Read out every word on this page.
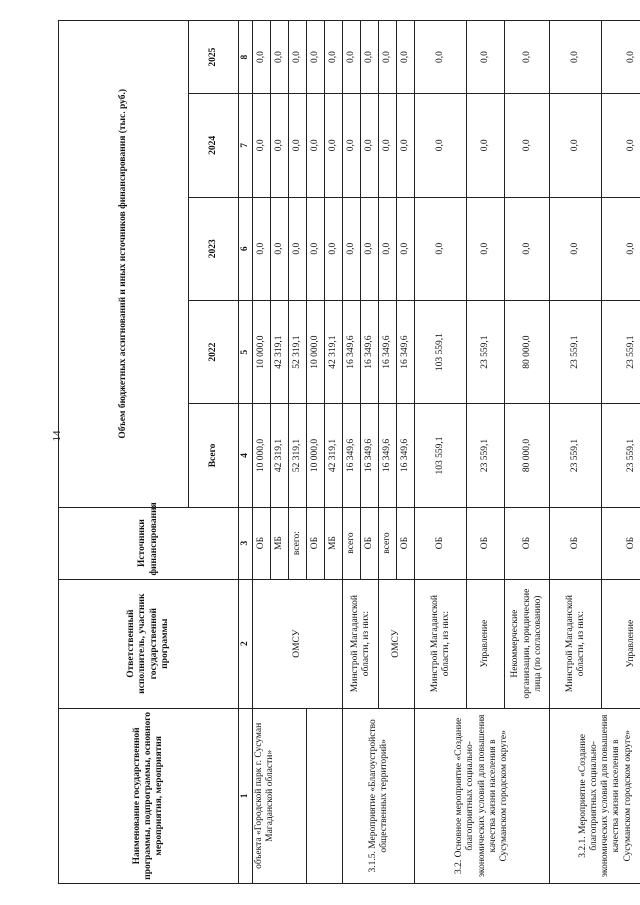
14
Наименование государственной программы, подпрограммы, основного мероприятия, мероприятия	Ответственный исполнитель, участник государственной программы	Источники финансирования	Объем бюджетных ассигнований и иных источников финансирования (тыс. руб.)				
			Всего	2022	2023	2024	2025
1	2	3	4	5	6	7	8
объекта «Городской парк г. Сусуман Магаданской области»	ОМСУ	ОБ	10 000,0	10 000,0	0,0	0,0	0,0
		МБ	42 319,1	42 319,1	0,0	0,0	0,0
		всего:	52 319,1	52 319,1	0,0	0,0	0,0
		ОБ	10 000,0	10 000,0	0,0	0,0	0,0
		МБ	42 319,1	42 319,1	0,0	0,0	0,0
3.1.5. Мероприятие «Благоустройство общественных территорий»	Минстрой Магаданской области, из них:	всего	16 349,6	16 349,6	0,0	0,0	0,0
		ОБ	16 349,6	16 349,6	0,0	0,0	0,0
	ОМСУ	всего	16 349,6	16 349,6	0,0	0,0	0,0
		ОБ	16 349,6	16 349,6	0,0	0,0	0,0
3.2. Основное мероприятие «Создание благоприятных социально-экономических условий для повышения качества жизни населения в Сусуманском городском округе»	Минстрой Магаданской области, из них:	ОБ	103 559,1	103 559,1	0,0	0,0	0,0
	Управление	ОБ	23 559,1	23 559,1	0,0	0,0	0,0
	Некоммерческие организации, юридические лица (по согласованию)	ОБ	80 000,0	80 000,0	0,0	0,0	0,0
3.2.1. Мероприятие «Создание благоприятных социально-экономических условий для повышения качества жизни населения в Сусуманском городском округе»	Минстрой Магаданской области, из них:	ОБ	23 559,1	23 559,1	0,0	0,0	0,0
	Управление	ОБ	23 559,1	23 559,1	0,0	0,0	0,0
